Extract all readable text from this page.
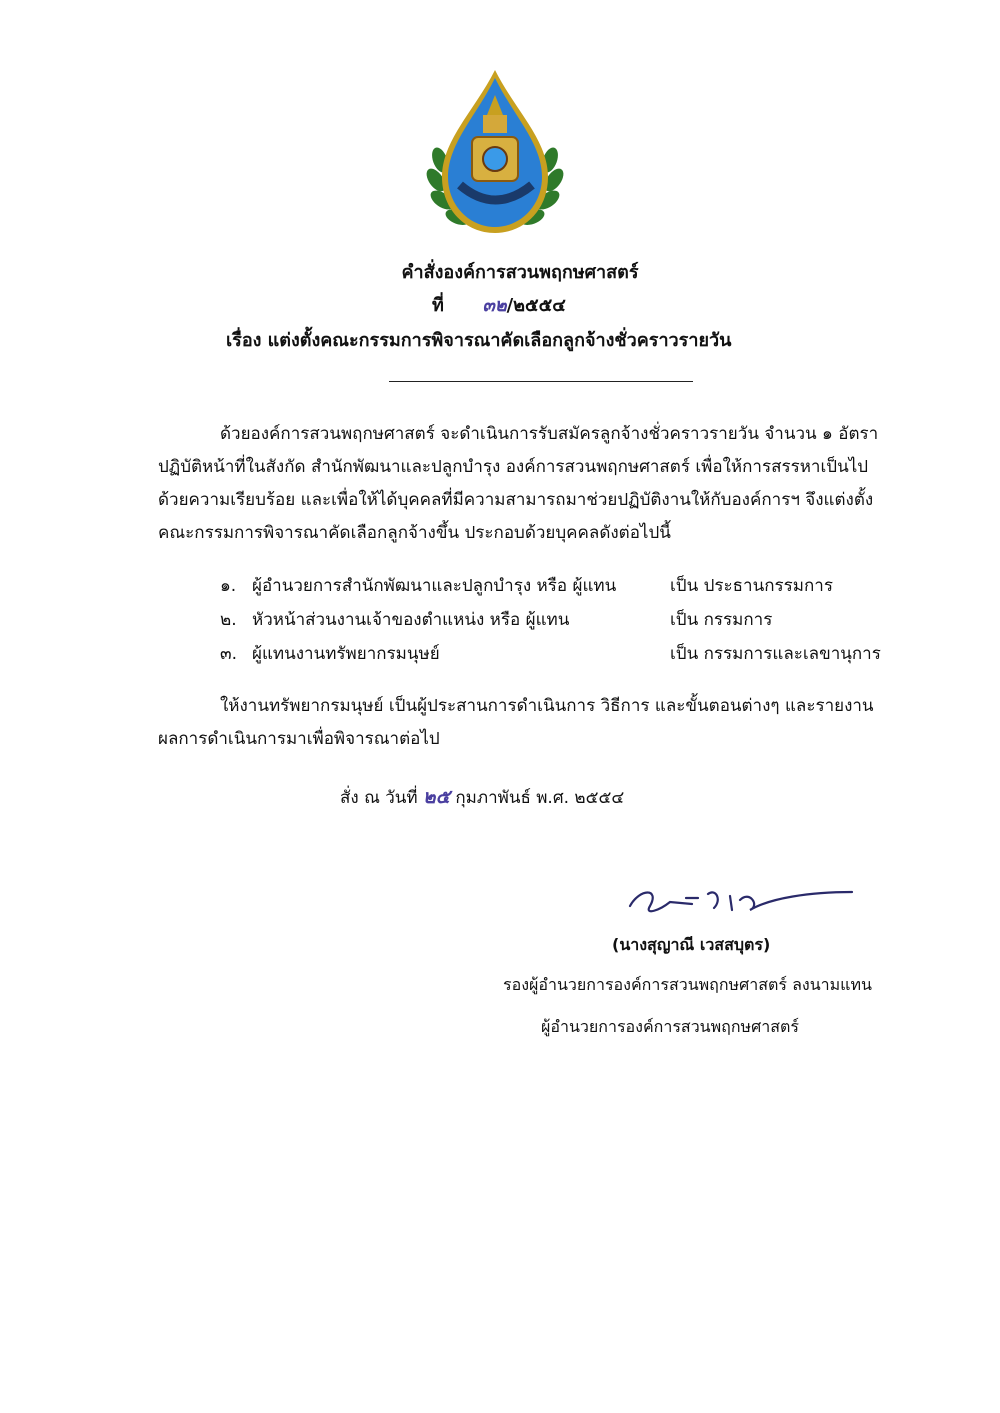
คำสั่งองค์การสวนพฤกษศาสตร์
ที่ ๓๒/๒๕๕๔
เรื่อง แต่งตั้งคณะกรรมการพิจารณาคัดเลือกลูกจ้างชั่วคราวรายวัน
ด้วยองค์การสวนพฤกษศาสตร์ จะดำเนินการรับสมัครลูกจ้างชั่วคราวรายวัน จำนวน ๑ อัตรา
ปฏิบัติหน้าที่ในสังกัด สำนักพัฒนาและปลูกบำรุง องค์การสวนพฤกษศาสตร์ เพื่อให้การสรรหาเป็นไป
ด้วยความเรียบร้อย และเพื่อให้ได้บุคคลที่มีความสามารถมาช่วยปฏิบัติงานให้กับองค์การฯ จึงแต่งตั้ง
คณะกรรมการพิจารณาคัดเลือกลูกจ้างขึ้น ประกอบด้วยบุคคลดังต่อไปนี้
๑. ผู้อำนวยการสำนักพัฒนาและปลูกบำรุง หรือ ผู้แทน	เป็น ประธานกรรมการ
๒. หัวหน้าส่วนงานเจ้าของตำแหน่ง หรือ ผู้แทน	เป็น กรรมการ
๓. ผู้แทนงานทรัพยากรมนุษย์	เป็น กรรมการและเลขานุการ
ให้งานทรัพยากรมนุษย์ เป็นผู้ประสานการดำเนินการ วิธีการ และขั้นตอนต่างๆ และรายงาน
ผลการดำเนินการมาเพื่อพิจารณาต่อไป
สั่ง ณ วันที่ ๒๕ กุมภาพันธ์ พ.ศ. ๒๕๕๔
(นางสุญาณี เวสสบุตร)
รองผู้อำนวยการองค์การสวนพฤกษศาสตร์ ลงนามแทน
ผู้อำนวยการองค์การสวนพฤกษศาสตร์
